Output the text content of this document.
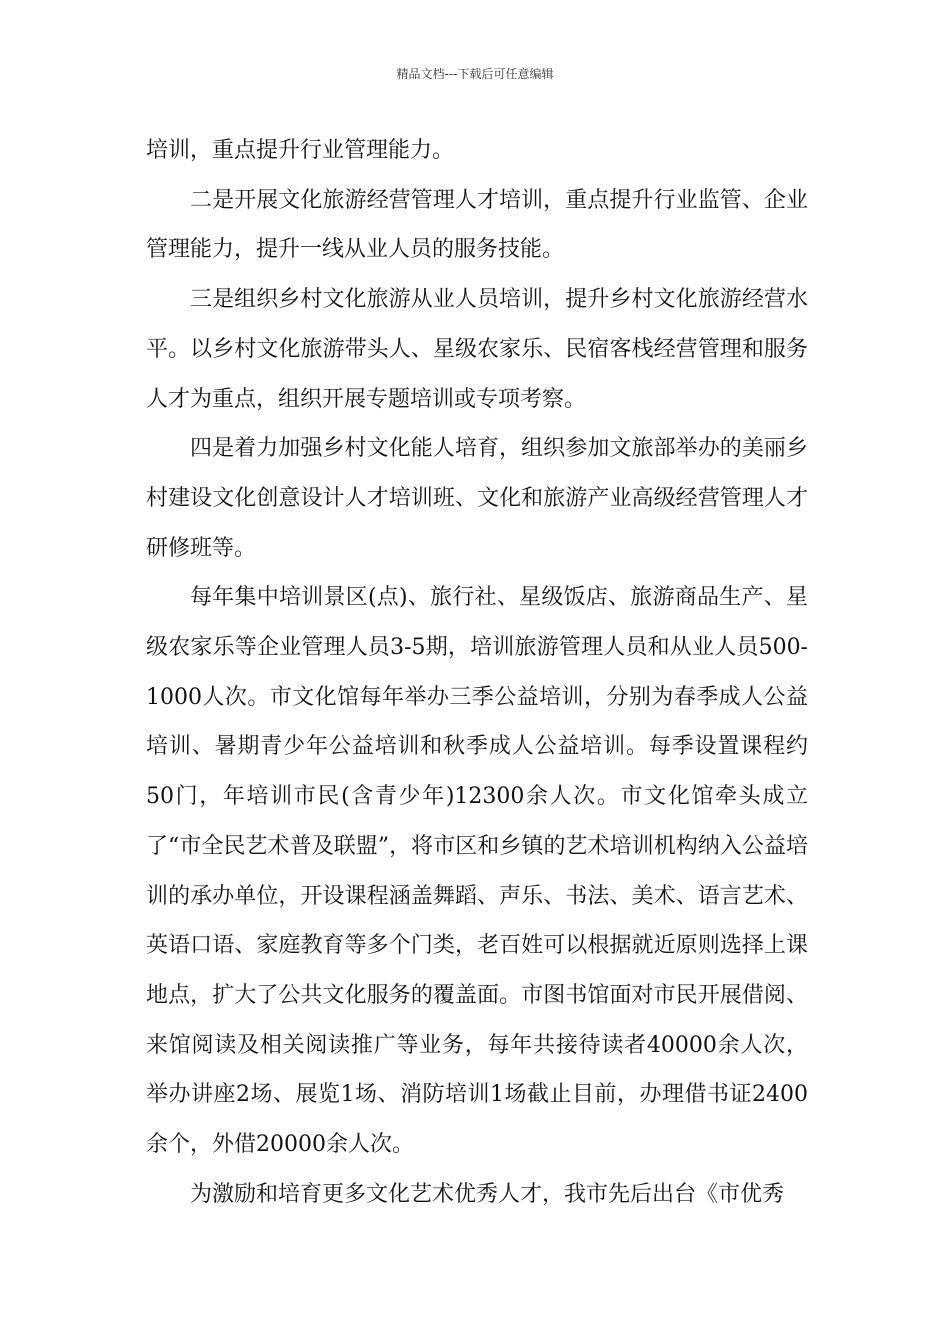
精品文档---下载后可任意编辑

培训，重点提升行业管理能力。

二是开展文化旅游经营管理人才培训，重点提升行业监管、企业管理能力，提升一线从业人员的服务技能。

三是组织乡村文化旅游从业人员培训，提升乡村文化旅游经营水平。以乡村文化旅游带头人、星级农家乐、民宿客栈经营管理和服务人才为重点，组织开展专题培训或专项考察。

四是着力加强乡村文化能人培育，组织参加文旅部举办的美丽乡村建设文化创意设计人才培训班、文化和旅游产业高级经营管理人才研修班等。

每年集中培训景区(点)、旅行社、星级饭店、旅游商品生产、星级农家乐等企业管理人员3-5期，培训旅游管理人员和从业人员500-1000人次。市文化馆每年举办三季公益培训，分别为春季成人公益培训、暑期青少年公益培训和秋季成人公益培训。每季设置课程约50门，年培训市民(含青少年)12300余人次。市文化馆牵头成立了“市全民艺术普及联盟”，将市区和乡镇的艺术培训机构纳入公益培训的承办单位，开设课程涵盖舞蹈、声乐、书法、美术、语言艺术、英语口语、家庭教育等多个门类，老百姓可以根据就近原则选择上课地点，扩大了公共文化服务的覆盖面。市图书馆面对市民开展借阅、来馆阅读及相关阅读推广等业务，每年共接待读者40000余人次，举办讲座2场、展览1场、消防培训1场截止目前，办理借书证2400余个，外借20000余人次。

为激励和培育更多文化艺术优秀人才，我市先后出台《市优秀
